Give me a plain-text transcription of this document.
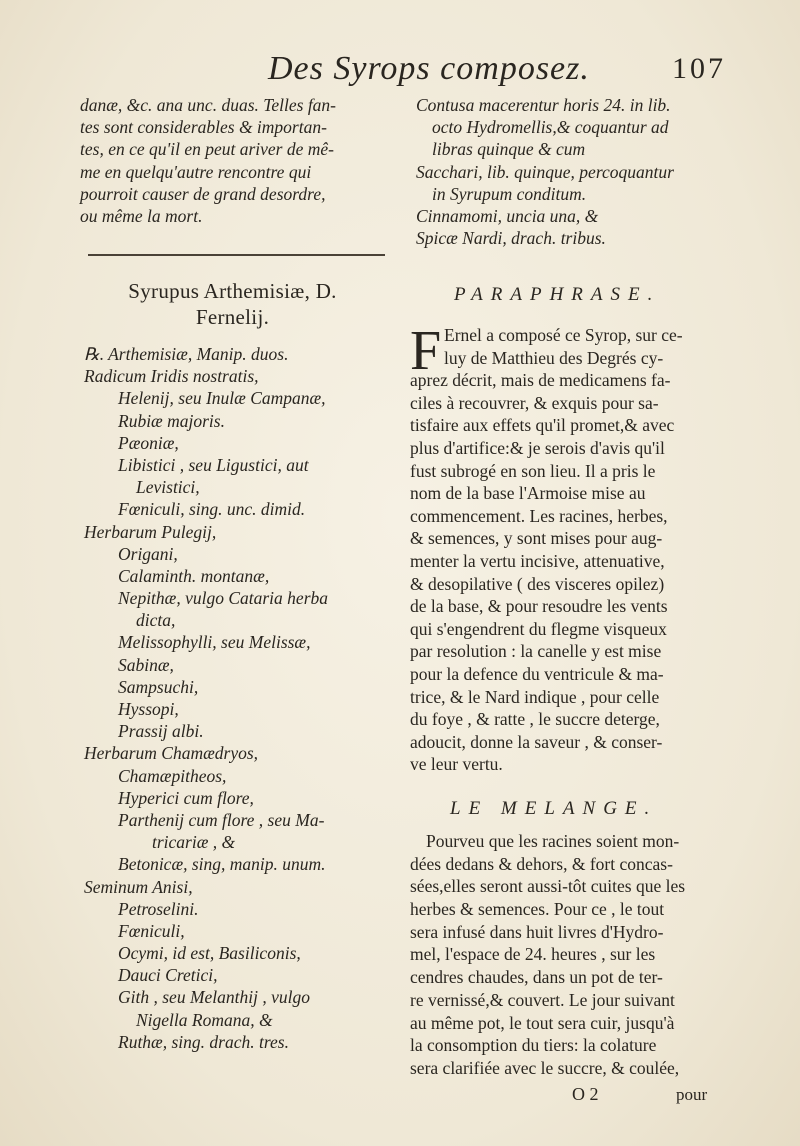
Des Syrops composez.	107
danæ, &c. ana unc. duas. Telles fan-
tes sont considerables & importan-
tes, en ce qu'il en peut ariver de mê-
me en quelqu'autre rencontre qui
pourroit causer de grand desordre,
ou même la mort.
Contusa macerentur horis 24. in lib.
octo Hydromellis,& coquantur ad
libras quinque & cum
Sacchari, lib. quinque, percoquantur
in Syrupum conditum.
Cinnamomi, uncia una, &
Spicæ Nardi, drach. tribus.
Syrupus Arthemisiæ, D.
Fernelij.
℞. Arthemisiæ, Manip. duos.
Radicum Iridis nostratis,
Helenij, seu Inulæ Campanæ,
Rubiæ majoris.
Pæoniæ,
Libistici , seu Ligustici, aut
Levistici,
Fœniculi, sing. unc. dimid.
Herbarum Pulegij,
Origani,
Calaminth. montanæ,
Nepithæ, vulgo Cataria herba
dicta,
Melissophylli, seu Melissæ,
Sabinæ,
Sampsuchi,
Hyssopi,
Prassij albi.
Herbarum Chamædryos,
Chamæpitheos,
Hyperici cum flore,
Parthenij cum flore , seu Ma-
tricariæ , &
Betonicæ, sing, manip. unum.
Seminum Anisi,
Petroselini.
Fœniculi,
Ocymi, id est, Basiliconis,
Dauci Cretici,
Gith , seu Melanthij , vulgo
Nigella Romana, &
Ruthæ, sing. drach. tres.
PARAPHRASE.
F Ernel a composé ce Syrop, sur ce-
luy de Matthieu des Degrés cy-
aprez décrit, mais de medicamens fa-
ciles à recouvrer, & exquis pour sa-
tisfaire aux effets qu'il promet,& avec
plus d'artifice:& je serois d'avis qu'il
fust subrogé en son lieu. Il a pris le
nom de la base l'Armoise mise au
commencement. Les racines, herbes,
& semences, y sont mises pour aug-
menter la vertu incisive, attenuative,
& desopilative ( des visceres opilez)
de la base, & pour resoudre les vents
qui s'engendrent du flegme visqueux
par resolution : la canelle y est mise
pour la defence du ventricule & ma-
trice, & le Nard indique , pour celle
du foye , & ratte , le succre deterge,
adoucit, donne la saveur , & conser-
ve leur vertu.
LE MELANGE.
Pourveu que les racines soient mon-
dées dedans & dehors, & fort concas-
sées,elles seront aussi-tôt cuites que les
herbes & semences. Pour ce , le tout
sera infusé dans huit livres d'Hydro-
mel, l'espace de 24. heures , sur les
cendres chaudes, dans un pot de ter-
re vernissé,& couvert. Le jour suivant
au même pot, le tout sera cuir, jusqu'à
la consomption du tiers: la colature
sera clarifiée avec le succre, & coulée,
O 2	pour
